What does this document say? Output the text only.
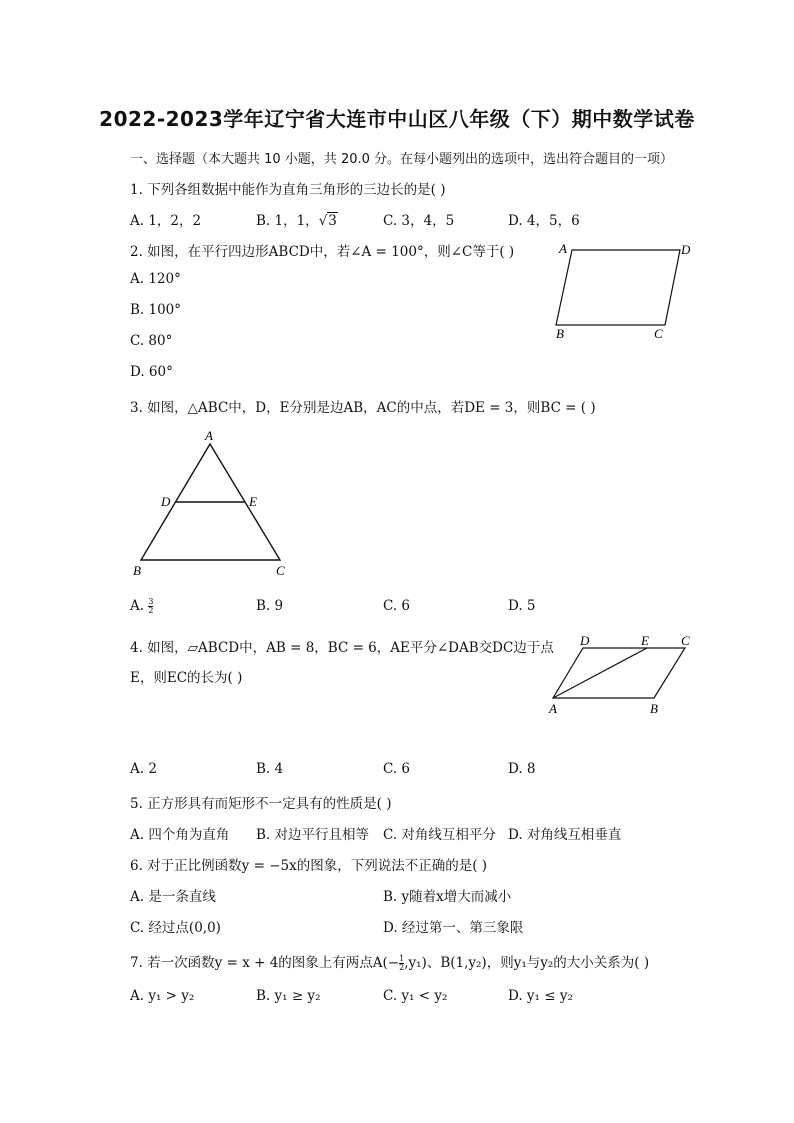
2022-2023学年辽宁省大连市中山区八年级（下）期中数学试卷
一、选择题（本大题共 10 小题，共 20.0 分。在每小题列出的选项中，选出符合题目的一项）
1. 下列各组数据中能作为直角三角形的三边长的是( )
A. 1，2，2	B. 1，1，√3	C. 3，4，5	D. 4，5，6
2. 如图，在平行四边形ABCD中，若∠A = 100°，则∠C等于( )
A. 120°
B. 100°
C. 80°
D. 60°
A	D
B	C
3. 如图，△ABC中，D，E分别是边AB，AC的中点，若DE = 3，则BC = ( )
A
D	E
B	C
A. $\frac{3}{2}$	B. 9	C. 6	D. 5
4. 如图，▱ABCD中，AB = 8，BC = 6，AE平分∠DAB交DC边于点
E，则EC的长为( )
D	E C
A	B
A. 2	B. 4	C. 6	D. 8
5. 正方形具有而矩形不一定具有的性质是( )
A. 四个角为直角 B. 对边平行且相等 C. 对角线互相平分 D. 对角线互相垂直
6. 对于正比例函数y = −5x的图象，下列说法不正确的是( )
A. 是一条直线	B. y随着x增大而减小
C. 经过点(0,0)	D. 经过第一、第三象限
7. 若一次函数y = x + 4的图象上有两点$A(- \frac{1}{2} ,y_1)$、B(1,y₂)，则y₁与y₂的大小关系为( )
A. y₁ > y₂	B. y₁ ≥ y₂	C. y₁ < y₂	D. y₁ ≤ y₂
